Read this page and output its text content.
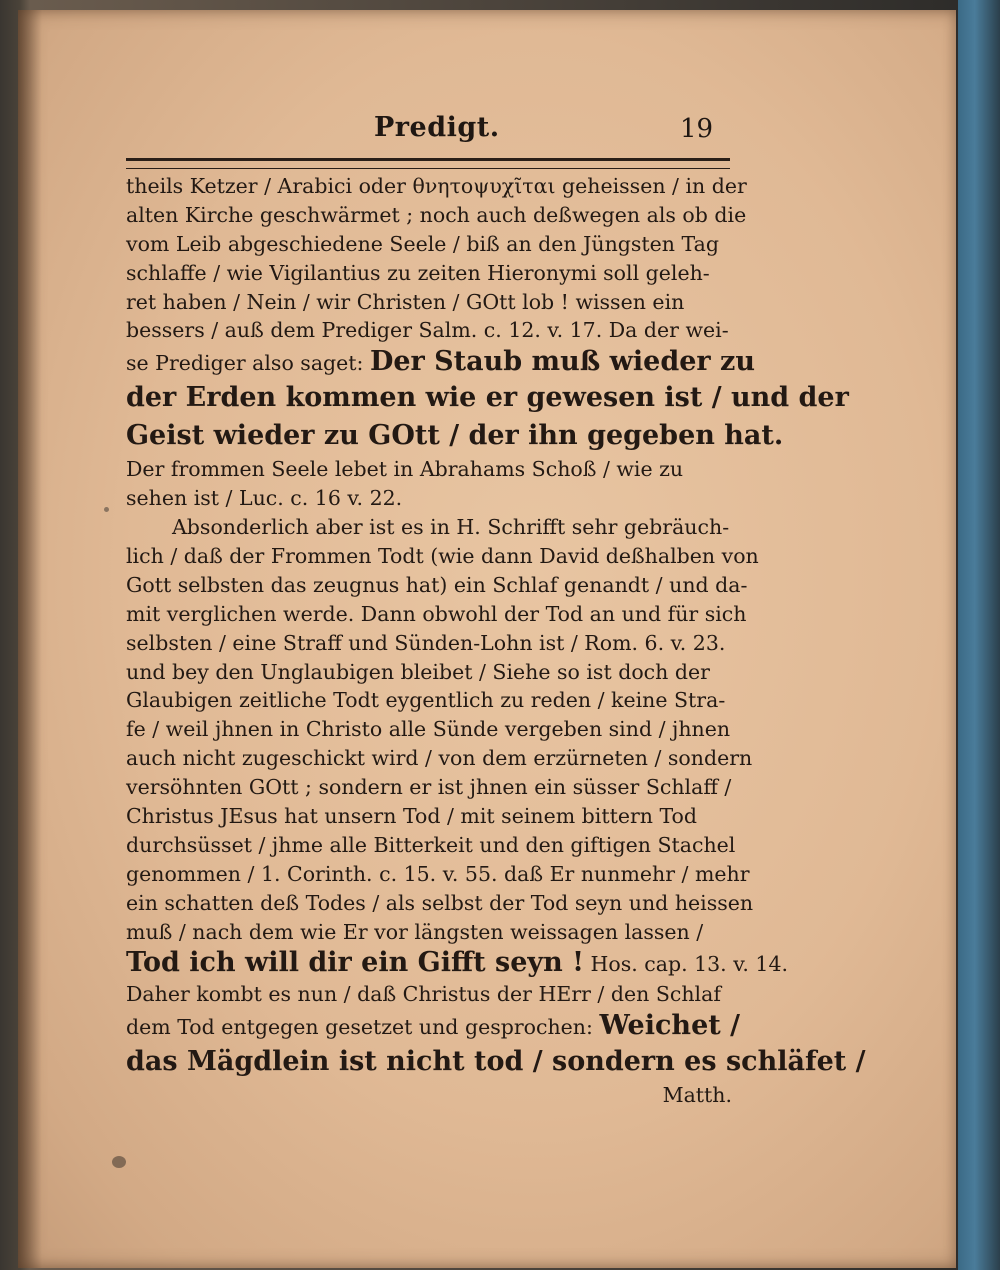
Predigt.	19
theils Ketzer / Arabici oder θνητοψυχῖται geheissen / in der
alten Kirche geschwärmet ; noch auch deßwegen als ob die
vom Leib abgeschiedene Seele / biß an den Jüngsten Tag
schlaffe / wie Vigilantius zu zeiten Hieronymi soll geleh-
ret haben / Nein / wir Christen / GOtt lob ! wissen ein
bessers / auß dem Prediger Salm. c. 12. v. 17. Da der wei-
se Prediger also saget: Der Staub muß wieder zu
der Erden kommen wie er gewesen ist / und der
Geist wieder zu GOtt / der ihn gegeben hat.
Der frommen Seele lebet in Abrahams Schoß / wie zu
sehen ist / Luc. c. 16 v. 22.
Absonderlich aber ist es in H. Schrifft sehr gebräuch-
lich / daß der Frommen Todt (wie dann David deßhalben von
Gott selbsten das zeugnus hat) ein Schlaf genandt / und da-
mit verglichen werde. Dann obwohl der Tod an und für sich
selbsten / eine Straff und Sünden-Lohn ist / Rom. 6. v. 23.
und bey den Unglaubigen bleibet / Siehe so ist doch der
Glaubigen zeitliche Todt eygentlich zu reden / keine Stra-
fe / weil jhnen in Christo alle Sünde vergeben sind / jhnen
auch nicht zugeschickt wird / von dem erzürneten / sondern
versöhnten GOtt ; sondern er ist jhnen ein süsser Schlaff /
Christus JEsus hat unsern Tod / mit seinem bittern Tod
durchsüsset / jhme alle Bitterkeit und den giftigen Stachel
genommen / 1. Corinth. c. 15. v. 55. daß Er nunmehr / mehr
ein schatten deß Todes / als selbst der Tod seyn und heissen
muß / nach dem wie Er vor längsten weissagen lassen /
Tod ich will dir ein Gifft seyn ! Hos. cap. 13. v. 14.
Daher kombt es nun / daß Christus der HErr / den Schlaf
dem Tod entgegen gesetzet und gesprochen: Weichet /
das Mägdlein ist nicht tod / sondern es schläfet /
Matth.
